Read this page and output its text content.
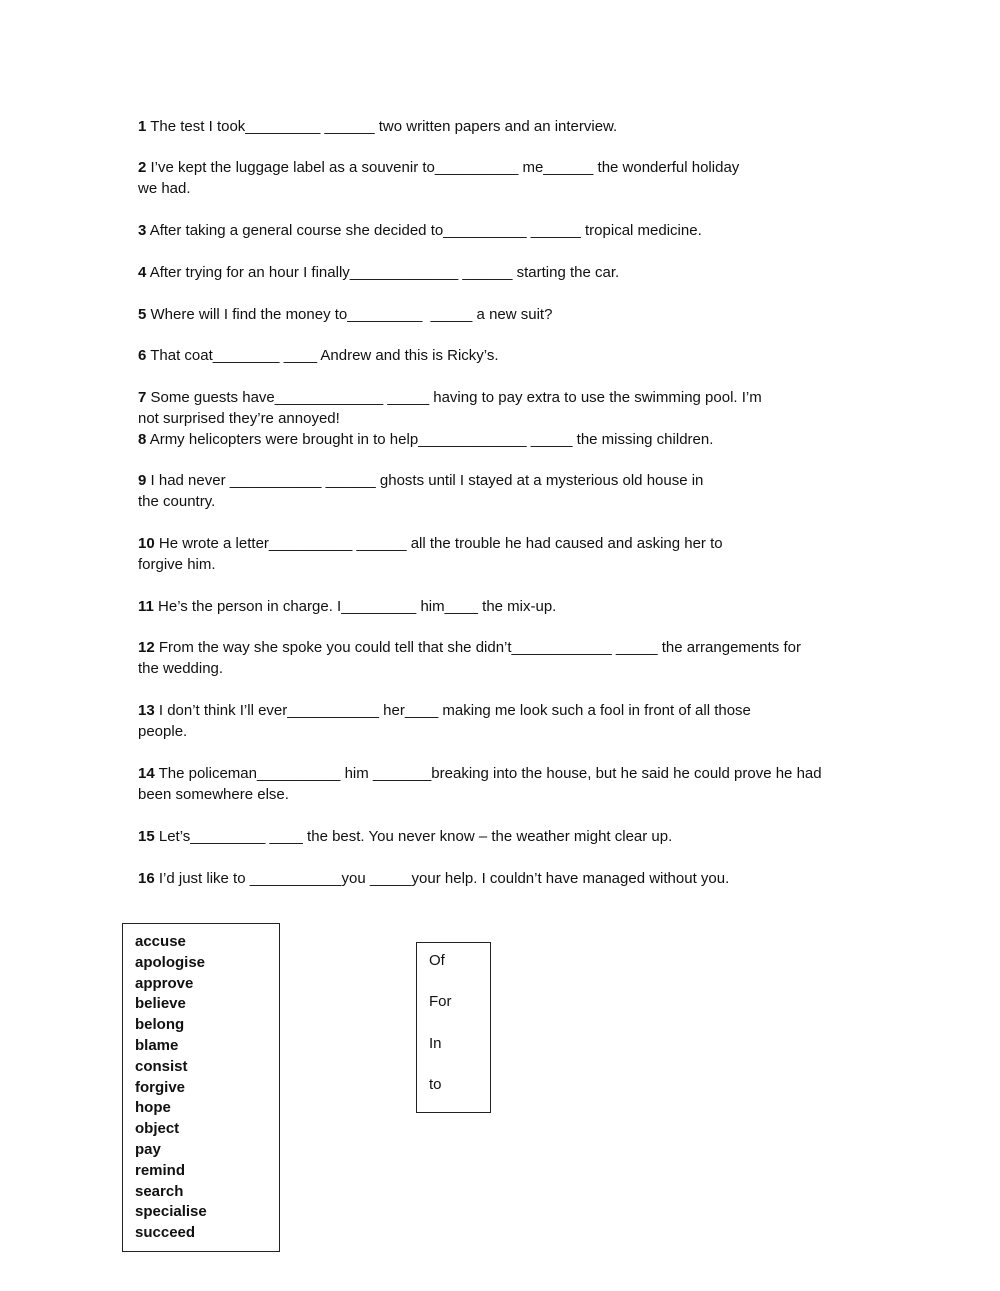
1 The test I took_________ ______ two written papers and an interview.
2 I’ve kept the luggage label as a souvenir to__________ me______ the wonderful holiday
we had.
3 After taking a general course she decided to__________ ______ tropical medicine.
4 After trying for an hour I finally_____________ ______ starting the car.
5 Where will I find the money to_________  _____ a new suit?
6 That coat________ ____ Andrew and this is Ricky’s.
7 Some guests have_____________ _____ having to pay extra to use the swimming pool. I’m
not surprised they’re annoyed!
8 Army helicopters were brought in to help_____________ _____ the missing children.
9 I had never ___________ ______ ghosts until I stayed at a mysterious old house in
the country.
10 He wrote a letter__________ ______ all the trouble he had caused and asking her to
forgive him.
11 He’s the person in charge. I_________ him____ the mix-up.
12 From the way she spoke you could tell that she didn’t____________ _____ the arrangements for
the wedding.
13 I don’t think I’ll ever___________ her____ making me look such a fool in front of all those
people.
14 The policeman__________ him _______breaking into the house, but he said he could prove he had
been somewhere else.
15 Let’s_________ ____ the best. You never know – the weather might clear up.
16 I’d just like to ___________you _____your help. I couldn’t have managed without you.
accuse
apologise
approve
believe
belong
blame
consist
forgive
hope
object
pay
remind
search
specialise
succeed
Of
For
In
to
